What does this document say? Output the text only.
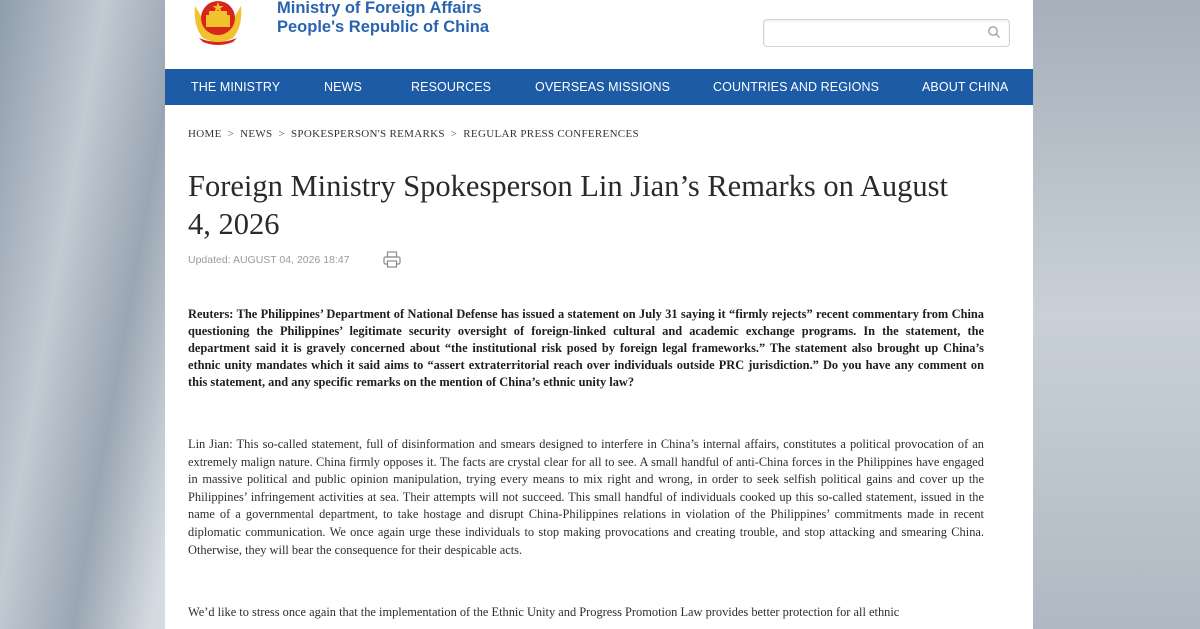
Ministry of Foreign Affairs
People's Republic of China
THE MINISTRY	NEWS	RESOURCES	OVERSEAS MISSIONS	COUNTRIES AND REGIONS	ABOUT CHINA
HOME > NEWS > SPOKESPERSON'S REMARKS > REGULAR PRESS CONFERENCES
Foreign Ministry Spokesperson Lin Jian’s Remarks on August 4, 2026
Updated: AUGUST 04, 2026 18:47

Reuters: The Philippines’ Department of National Defense has issued a statement on July 31 saying it “firmly rejects” recent commentary from China questioning the Philippines’ legitimate security oversight of foreign-linked cultural and academic exchange programs. In the statement, the department said it is gravely concerned about “the institutional risk posed by foreign legal frameworks.” The statement also brought up China’s ethnic unity mandates which it said aims to “assert extraterritorial reach over individuals outside PRC jurisdiction.” Do you have any comment on this statement, and any specific remarks on the mention of China’s ethnic unity law?

Lin Jian: This so-called statement, full of disinformation and smears designed to interfere in China’s internal affairs, constitutes a political provocation of an extremely malign nature. China firmly opposes it. The facts are crystal clear for all to see. A small handful of anti-China forces in the Philippines have engaged in massive political and public opinion manipulation, trying every means to mix right and wrong, in order to seek selfish political gains and cover up the Philippines’ infringement activities at sea. Their attempts will not succeed. This small handful of individuals cooked up this so-called statement, issued in the name of a governmental department, to take hostage and disrupt China-Philippines relations in violation of the Philippines’ commitments made in recent diplomatic communication. We once again urge these individuals to stop making provocations and creating trouble, and stop attacking and smearing China. Otherwise, they will bear the consequence for their despicable acts.

We’d like to stress once again that the implementation of the Ethnic Unity and Progress Promotion Law provides better protection for all ethnic
